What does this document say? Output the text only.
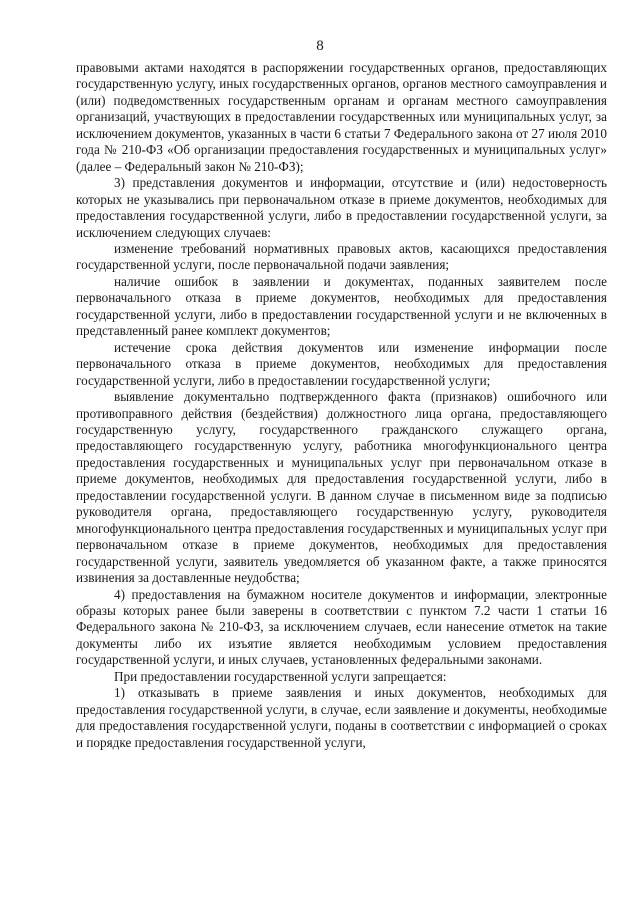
8

правовыми актами находятся в распоряжении государственных органов, предоставляющих государственную услугу, иных государственных органов, органов местного самоуправления и (или) подведомственных государственным органам и органам местного самоуправления организаций, участвующих в предоставлении государственных или муниципальных услуг, за исключением документов, указанных в части 6 статьи 7 Федерального закона от 27 июля 2010 года № 210-ФЗ «Об организации предоставления государственных и муниципальных услуг» (далее – Федеральный закон № 210-ФЗ);

3) представления документов и информации, отсутствие и (или) недостоверность которых не указывались при первоначальном отказе в приеме документов, необходимых для предоставления государственной услуги, либо в предоставлении государственной услуги, за исключением следующих случаев:

изменение требований нормативных правовых актов, касающихся предоставления государственной услуги, после первоначальной подачи заявления;

наличие ошибок в заявлении и документах, поданных заявителем после первоначального отказа в приеме документов, необходимых для предоставления государственной услуги, либо в предоставлении государственной услуги и не включенных в представленный ранее комплект документов;

истечение срока действия документов или изменение информации после первоначального отказа в приеме документов, необходимых для предоставления государственной услуги, либо в предоставлении государственной услуги;

выявление документально подтвержденного факта (признаков) ошибочного или противоправного действия (бездействия) должностного лица органа, предоставляющего государственную услугу, государственного гражданского служащего органа, предоставляющего государственную услугу, работника многофункционального центра предоставления государственных и муниципальных услуг при первоначальном отказе в приеме документов, необходимых для предоставления государственной услуги, либо в предоставлении государственной услуги. В данном случае в письменном виде за подписью руководителя органа, предоставляющего государственную услугу, руководителя многофункционального центра предоставления государственных и муниципальных услуг при первоначальном отказе в приеме документов, необходимых для предоставления государственной услуги, заявитель уведомляется об указанном факте, а также приносятся извинения за доставленные неудобства;

4) предоставления на бумажном носителе документов и информации, электронные образы которых ранее были заверены в соответствии с пунктом 7.2 части 1 статьи 16 Федерального закона № 210-ФЗ, за исключением случаев, если нанесение отметок на такие документы либо их изъятие является необходимым условием предоставления государственной услуги, и иных случаев, установленных федеральными законами.

При предоставлении государственной услуги запрещается:

1) отказывать в приеме заявления и иных документов, необходимых для предоставления государственной услуги, в случае, если заявление и документы, необходимые для предоставления государственной услуги, поданы в соответствии с информацией о сроках и порядке предоставления государственной услуги,
